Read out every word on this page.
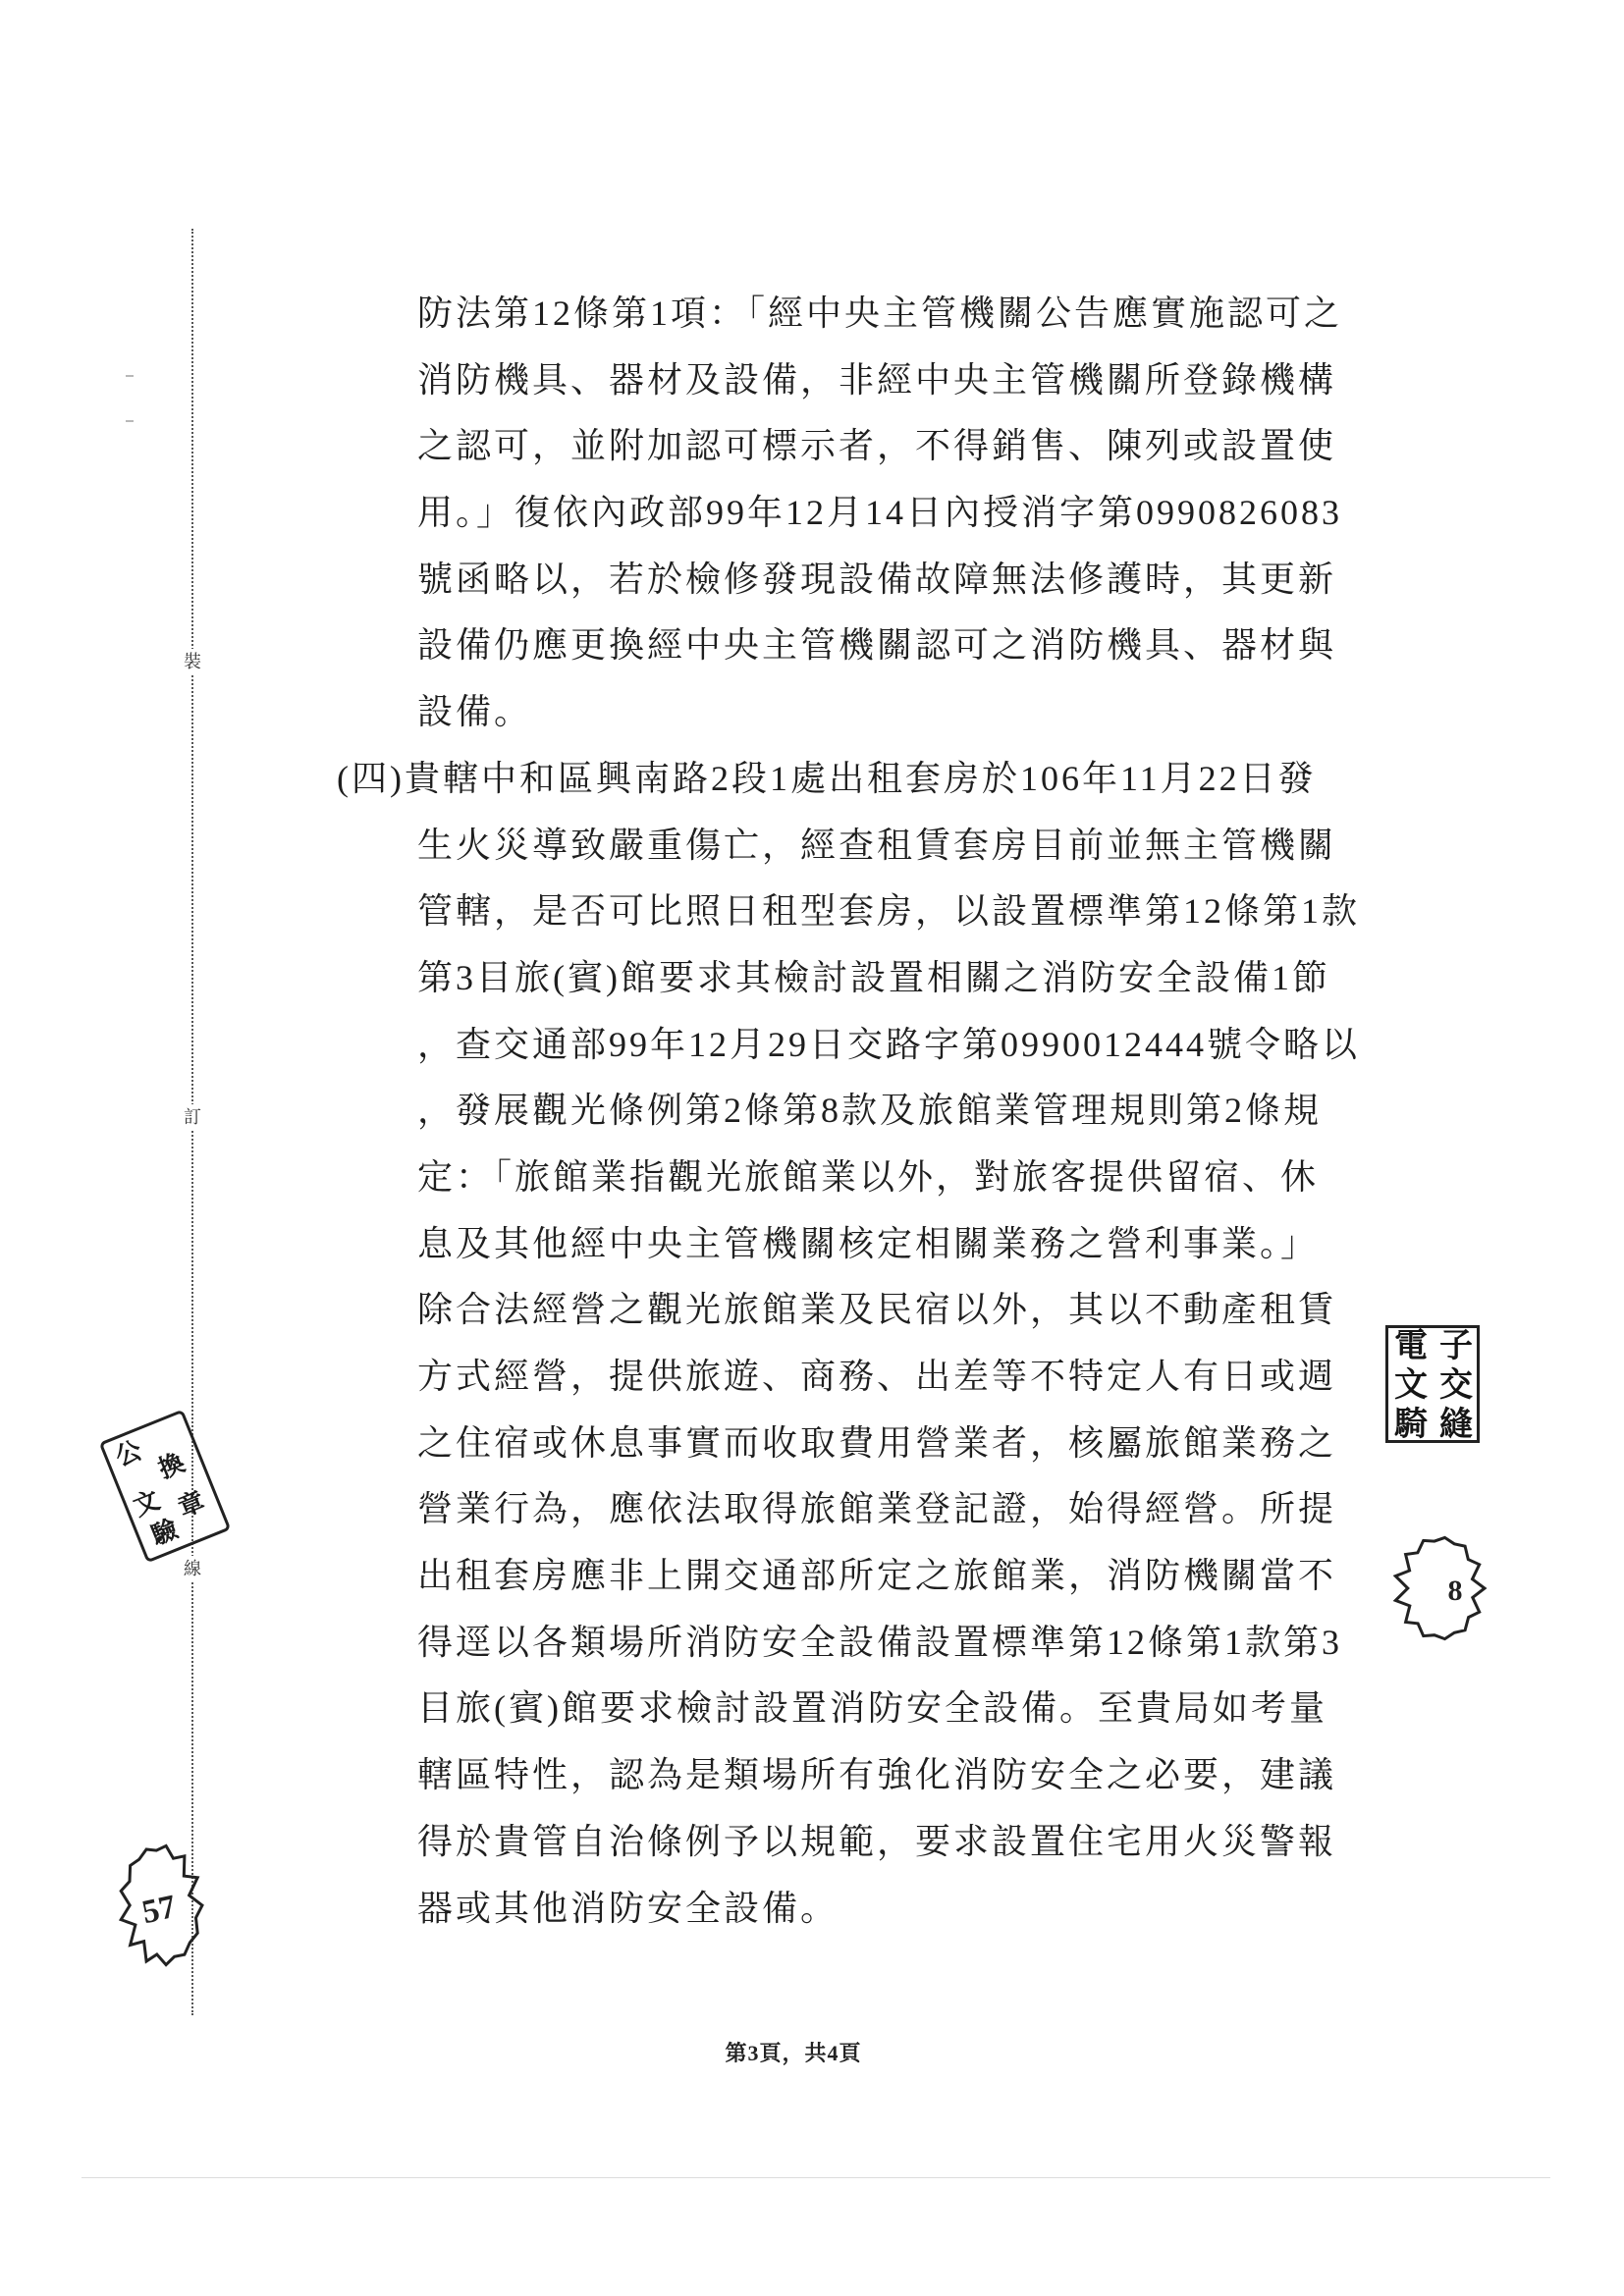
裝
訂
線
防法第12條第1項：「經中央主管機關公告應實施認可之
消防機具、器材及設備，非經中央主管機關所登錄機構
之認可，並附加認可標示者，不得銷售、陳列或設置使
用。」復依內政部99年12月14日內授消字第0990826083
號函略以，若於檢修發現設備故障無法修護時，其更新
設備仍應更換經中央主管機關認可之消防機具、器材與
設備。
(四)貴轄中和區興南路2段1處出租套房於106年11月22日發
生火災導致嚴重傷亡，經查租賃套房目前並無主管機關
管轄，是否可比照日租型套房，以設置標準第12條第1款
第3目旅(賓)館要求其檢討設置相關之消防安全設備1節
，查交通部99年12月29日交路字第0990012444號令略以
，發展觀光條例第2條第8款及旅館業管理規則第2條規
定：「旅館業指觀光旅館業以外，對旅客提供留宿、休
息及其他經中央主管機關核定相關業務之營利事業。」
除合法經營之觀光旅館業及民宿以外，其以不動產租賃
方式經營，提供旅遊、商務、出差等不特定人有日或週
之住宿或休息事實而收取費用營業者，核屬旅館業務之
營業行為，應依法取得旅館業登記證，始得經營。所提
出租套房應非上開交通部所定之旅館業，消防機關當不
得逕以各類場所消防安全設備設置標準第12條第1款第3
目旅(賓)館要求檢討設置消防安全設備。至貴局如考量
轄區特性，認為是類場所有強化消防安全之必要，建議
得於貴管自治條例予以規範，要求設置住宅用火災警報
器或其他消防安全設備。
公 換
章
文
驗
57
電 子
文 交
騎 縫
8
第3頁，共4頁
